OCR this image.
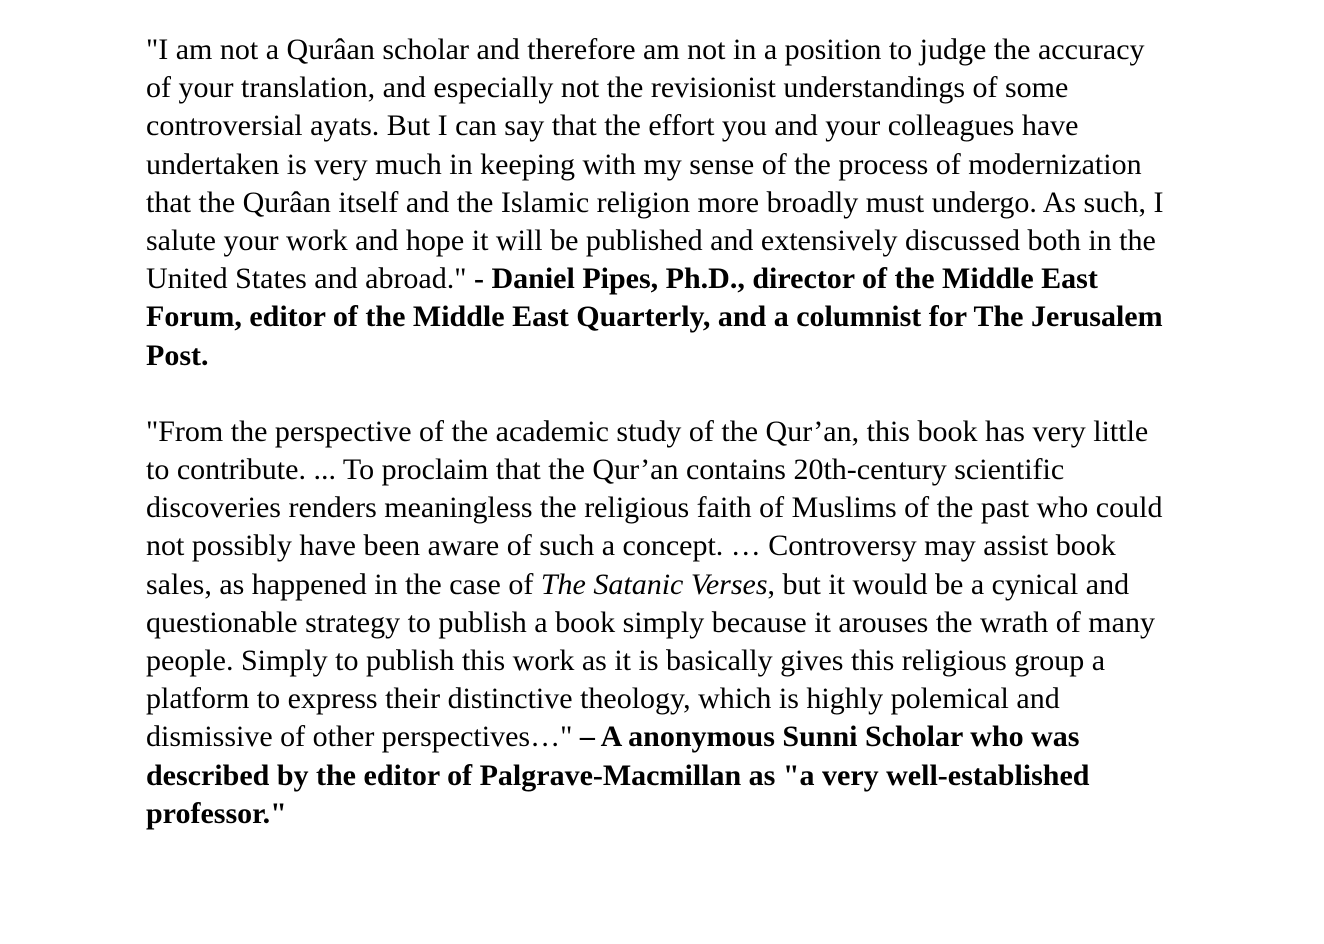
"I am not a Qurâan scholar and therefore am not in a position to judge the accuracy of your translation, and especially not the revisionist understandings of some controversial ayats. But I can say that the effort you and your colleagues have undertaken is very much in keeping with my sense of the process of modernization that the Qurâan itself and the Islamic religion more broadly must undergo. As such, I salute your work and hope it will be published and extensively discussed both in the United States and abroad." - Daniel Pipes, Ph.D., director of the Middle East Forum, editor of the Middle East Quarterly, and a columnist for The Jerusalem Post.

"From the perspective of the academic study of the Qur’an, this book has very little to contribute. ... To proclaim that the Qur’an contains 20th-century scientific discoveries renders meaningless the religious faith of Muslims of the past who could not possibly have been aware of such a concept. … Controversy may assist book sales, as happened in the case of The Satanic Verses, but it would be a cynical and questionable strategy to publish a book simply because it arouses the wrath of many people. Simply to publish this work as it is basically gives this religious group a platform to express their distinctive theology, which is highly polemical and dismissive of other perspectives…" – A anonymous Sunni Scholar who was described by the editor of Palgrave-Macmillan as "a very well-established professor."
